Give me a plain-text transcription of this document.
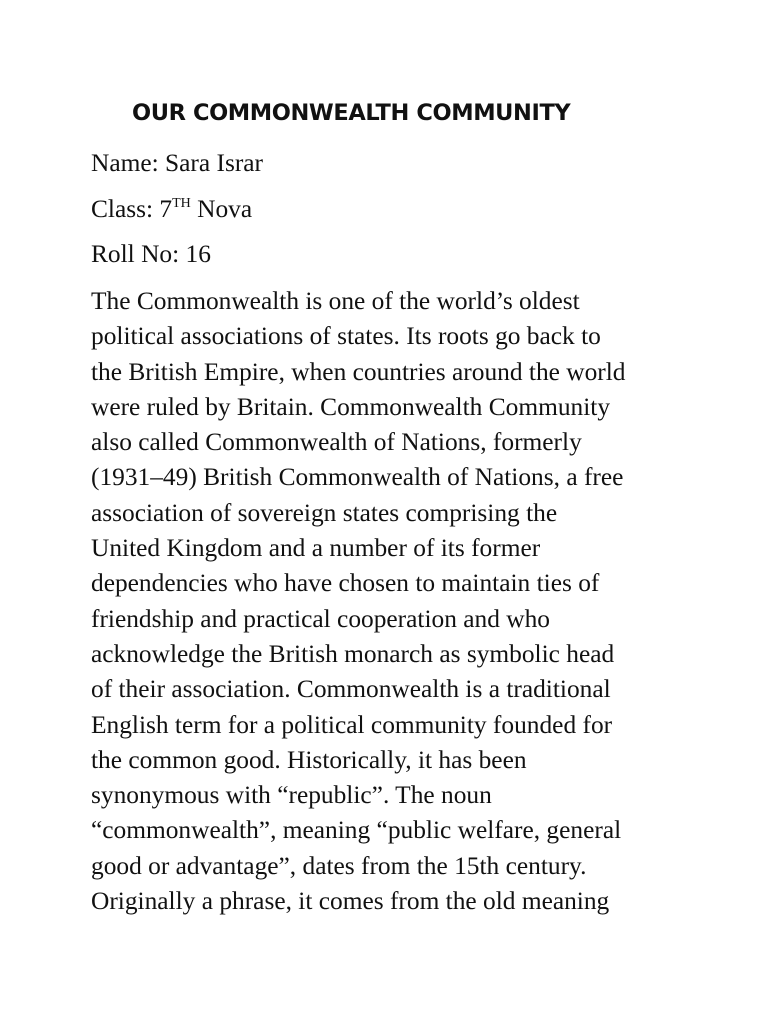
OUR COMMONWEALTH COMMUNITY

Name: Sara Israr

Class: 7TH Nova

Roll No: 16

The Commonwealth is one of the world’s oldest
political associations of states. Its roots go back to
the British Empire, when countries around the world
were ruled by Britain. Commonwealth Community
also called Commonwealth of Nations, formerly
(1931–49) British Commonwealth of Nations, a free
association of sovereign states comprising the
United Kingdom and a number of its former
dependencies who have chosen to maintain ties of
friendship and practical cooperation and who
acknowledge the British monarch as symbolic head
of their association. Commonwealth is a traditional
English term for a political community founded for
the common good. Historically, it has been
synonymous with “republic”. The noun
“commonwealth”, meaning “public welfare, general
good or advantage”, dates from the 15th century.
Originally a phrase, it comes from the old meaning
